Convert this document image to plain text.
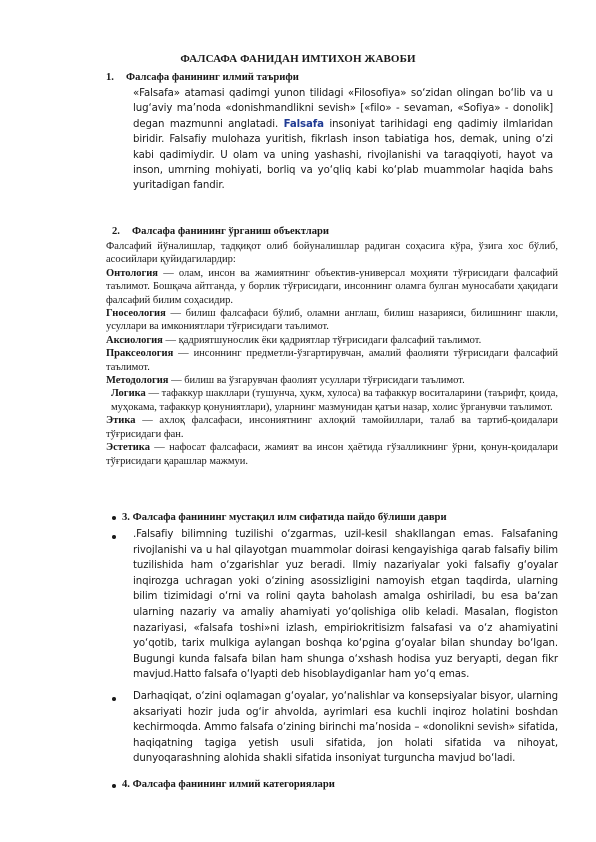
ФАЛСАФА ФАНИДАН ИМТИХОН ЖАВОБИ
1. Фалсафа фанининг илмий таърифи
«Falsafa» atamasi qadimgi yunon tilidagi «Filosofiya» so‘zidan olingan bo‘lib va u lug‘aviy ma’noda «donishmandlikni sevish» [«filo» - sevaman, «Sofiya» - donolik] degan mazmunni anglatadi. Falsafa insoniyat tarihidagi eng qadimiy ilmlaridan biridir. Falsafiy mulohaza yuritish, fikrlash inson tabiatiga hos, demak, uning o‘zi kabi qadimiydir. U olam va uning yashashi, rivojlanishi va taraqqiyoti, hayot va inson, umrning mohiyati, borliq va yo‘qliq kabi ko‘plab muammolar haqida bahs yuritadigan fandir.
2. Фалсафа фанининг ўрганиш объектлари

Фалсафий йўналишлар, тадқиқот олиб бойуналишлар радиган соҳасига кўра, ўзига хос бўлиб, асосийлари қуйидагилардир:

Онтология — олам, инсон ва жамиятнинг объектив-универсал моҳияти тўғрисидаги фалсафий таълимот. Бошқача айтганда, у борлик тўғрисидаги, инсоннинг оламга булган муносабати ҳақидаги фалсафий билим соҳасидир.

Гносеология — билиш фалсафаси бўлиб, оламни англаш, билиш назарияси, билишнинг шакли, усуллари ва имкониятлари тўғрисидаги таълимот.

Аксиология — қадриятшунослик ёки қадриятлар тўғрисидаги фалсафий таълимот.

Праксеология — инсоннинг предметли-ўзгартирувчан, амалий фаолияти тўғрисидаги фалсафий таълимот.

Методология — билиш ва ўзгарувчан фаолият усуллари тўғрисидаги таълимот.

Логика — тафаккур шакллари (тушунча, ҳукм, хулоса) ва тафаккур воситаларини (таърифт, қоида, муҳокама, тафаккур қонуниятлари), уларнинг мазмунидан қатъи назар, холис ўрганувчи таълимот.

Этика — ахлоқ фалсафаси, инсониятнинг ахлоқий тамойиллари, талаб ва тартиб-қоидалари тўғрисидаги фан.

Эстетика — нафосат фалсафаси, жамият ва инсон ҳаётида гўзалликнинг ўрни, қонун-қоидалари тўғрисидаги қарашлар мажмуи.

3. Фалсафа фанининг мустақил илм сифатида пайдо бўлиши даври
.Falsafiy bilimning tuzilishi o‘zgarmas, uzil-kesil shakllangan emas. Falsafaning rivojlanishi va u hal qilayotgan muammolar doirasi kengayishiga qarab falsafiy bilim tuzilishida ham o‘zgarishlar yuz beradi. Ilmiy nazariyalar yoki falsafiy g‘oyalar inqirozga uchragan yoki o‘zining asossizligini namoyish etgan taqdirda, ularning bilim tizimidagi o‘rni va rolini qayta baholash amalga oshiriladi, bu esa ba‘zan ularning nazariy va amaliy ahamiyati yo‘qolishiga olib keladi. Masalan, flogiston nazariyasi, «falsafa toshi»ni izlash, empiriokritisizm falsafasi va o‘z ahamiyatini yo‘qotib, tarix mulkiga aylangan boshqa ko‘pgina g‘oyalar bilan shunday bo‘lgan. Bugungi kunda falsafa bilan ham shunga o‘xshash hodisa yuz beryapti, degan fikr mavjud.Hatto falsafa o‘lyapti deb hisoblaydiganlar ham yo‘q emas.
Darhaqiqat, o‘zini oqlamagan g‘oyalar, yo‘nalishlar va konsepsiyalar bisyor, ularning aksariyati hozir juda og‘ir ahvolda, ayrimlari esa kuchli inqiroz holatini boshdan kechirmoqda. Ammo falsafa o‘zining birinchi ma’nosida – «donolikni sevish» sifatida, haqiqatning tagiga yetish usuli sifatida, jon holati sifatida va nihoyat, dunyoqarashning alohida shakli sifatida insoniyat turguncha mavjud bo‘ladi.
4. Фалсафа фанининг илмий категориялари
